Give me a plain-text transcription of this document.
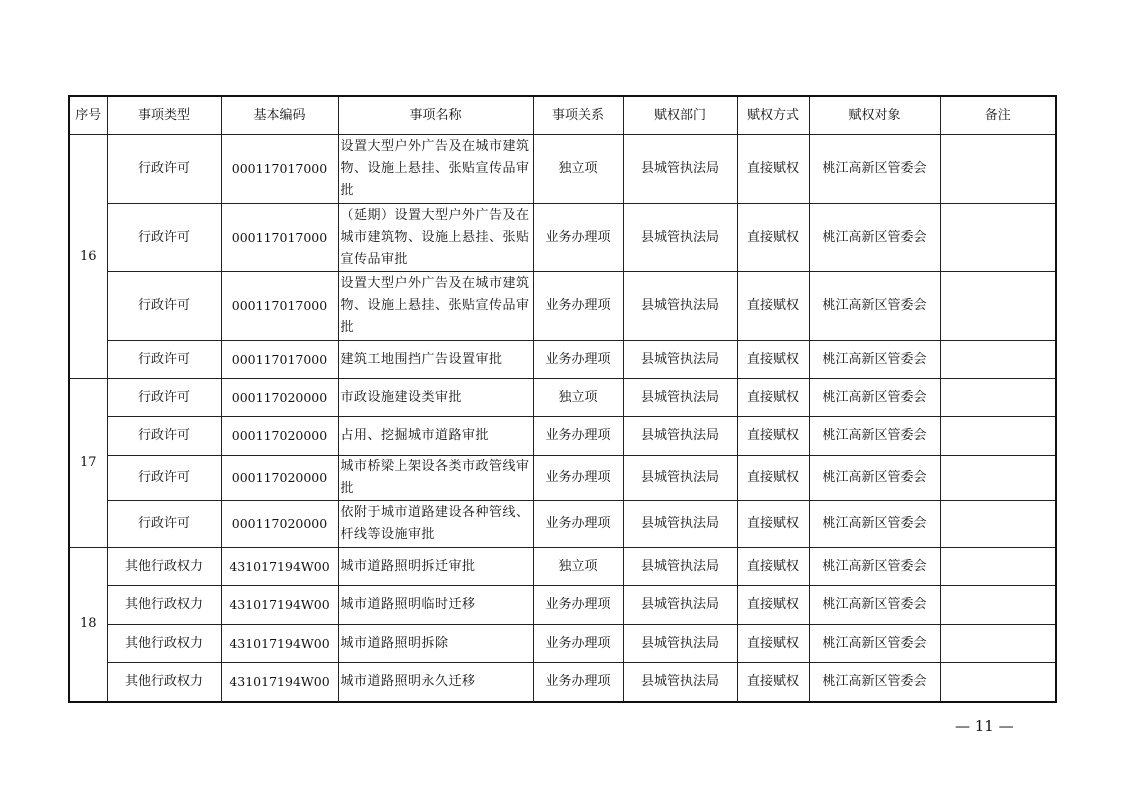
序号	事项类型	基本编码	事项名称	事项关系	赋权部门	赋权方式	赋权对象	备注
16	行政许可	000117017000	设置大型户外广告及在城市建筑物、设施上悬挂、张贴宣传品审批	独立项	县城管执法局	直接赋权	桃江高新区管委会	
	行政许可	000117017000	（延期）设置大型户外广告及在城市建筑物、设施上悬挂、张贴宣传品审批	业务办理项	县城管执法局	直接赋权	桃江高新区管委会	
	行政许可	000117017000	设置大型户外广告及在城市建筑物、设施上悬挂、张贴宣传品审批	业务办理项	县城管执法局	直接赋权	桃江高新区管委会	
	行政许可	000117017000	建筑工地围挡广告设置审批	业务办理项	县城管执法局	直接赋权	桃江高新区管委会	
17	行政许可	000117020000	市政设施建设类审批	独立项	县城管执法局	直接赋权	桃江高新区管委会	
	行政许可	000117020000	占用、挖掘城市道路审批	业务办理项	县城管执法局	直接赋权	桃江高新区管委会	
	行政许可	000117020000	城市桥梁上架设各类市政管线审批	业务办理项	县城管执法局	直接赋权	桃江高新区管委会	
	行政许可	000117020000	依附于城市道路建设各种管线、杆线等设施审批	业务办理项	县城管执法局	直接赋权	桃江高新区管委会	
18	其他行政权力	431017194W00	城市道路照明拆迁审批	独立项	县城管执法局	直接赋权	桃江高新区管委会	
	其他行政权力	431017194W00	城市道路照明临时迁移	业务办理项	县城管执法局	直接赋权	桃江高新区管委会	
	其他行政权力	431017194W00	城市道路照明拆除	业务办理项	县城管执法局	直接赋权	桃江高新区管委会	
	其他行政权力	431017194W00	城市道路照明永久迁移	业务办理项	县城管执法局	直接赋权	桃江高新区管委会	
— 11 —
